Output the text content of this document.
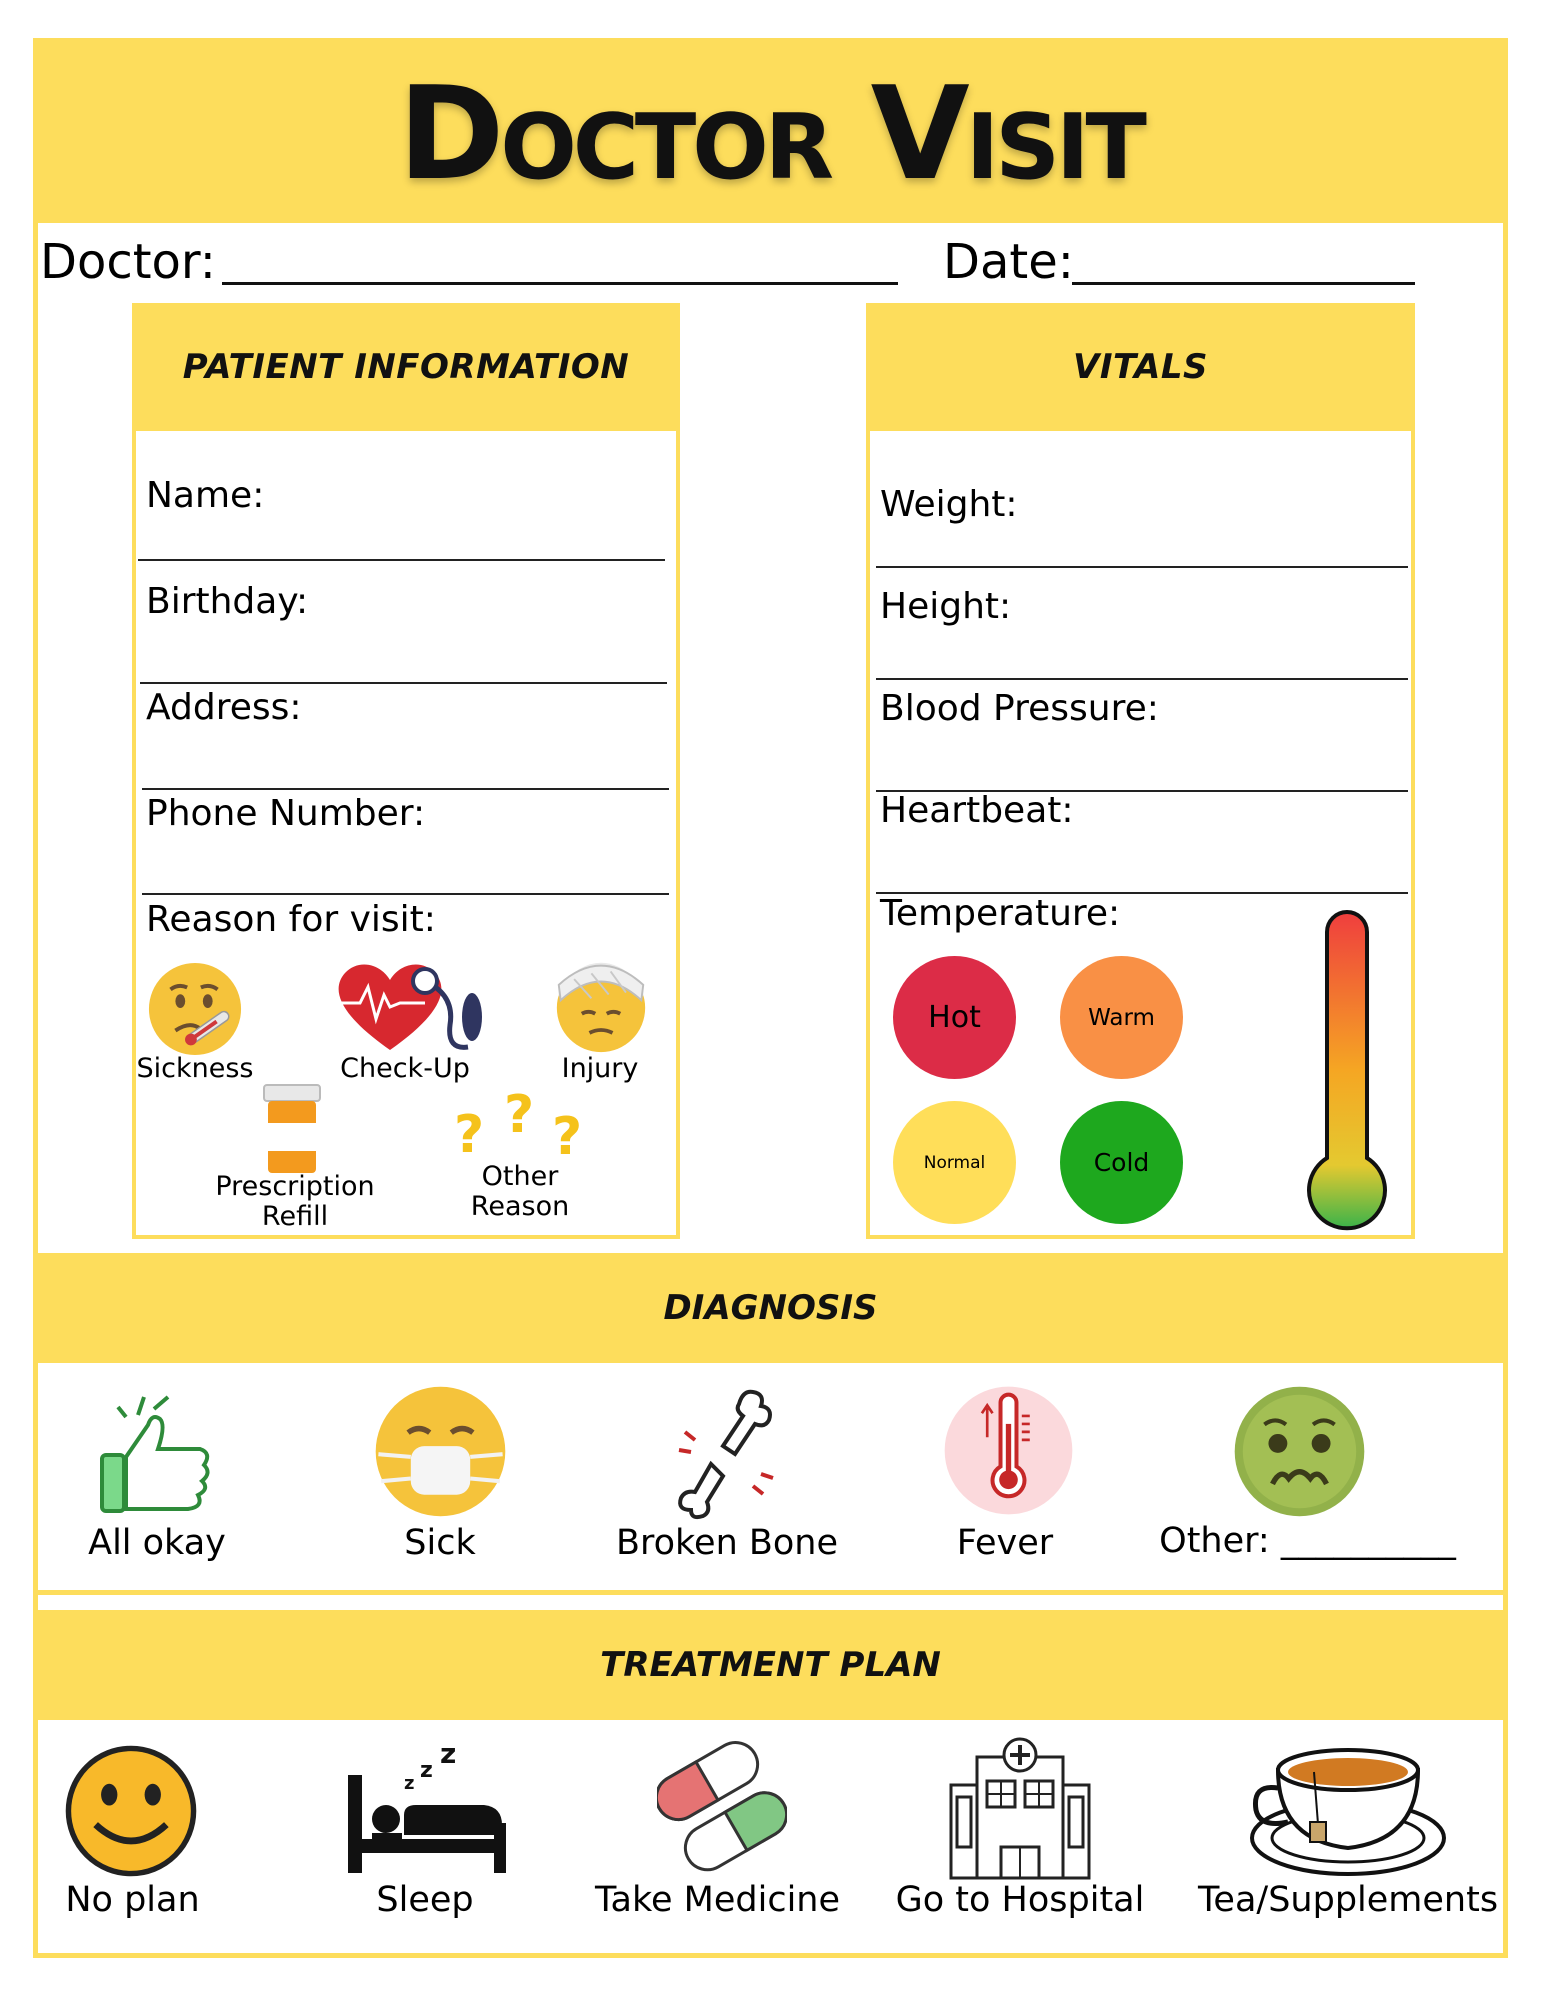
Doctor Visit
Doctor:	Date:
PATIENT INFORMATION
Name:
Birthday:
Address:
Phone Number:
Reason for visit:
Sickness	Check-Up	Injury
Prescription
Refill
? ? ?
Other
Reason
VITALS
Weight:
Height:
Blood Pressure:
Heartbeat:
Temperature:
Hot	Warm
Normal	Cold
DIAGNOSIS
All okay	Sick	Broken Bone	Fever	Other: __________
TREATMENT PLAN
No plan
z
z
z
Sleep	Take Medicine Go to Hospital Tea/Supplements
